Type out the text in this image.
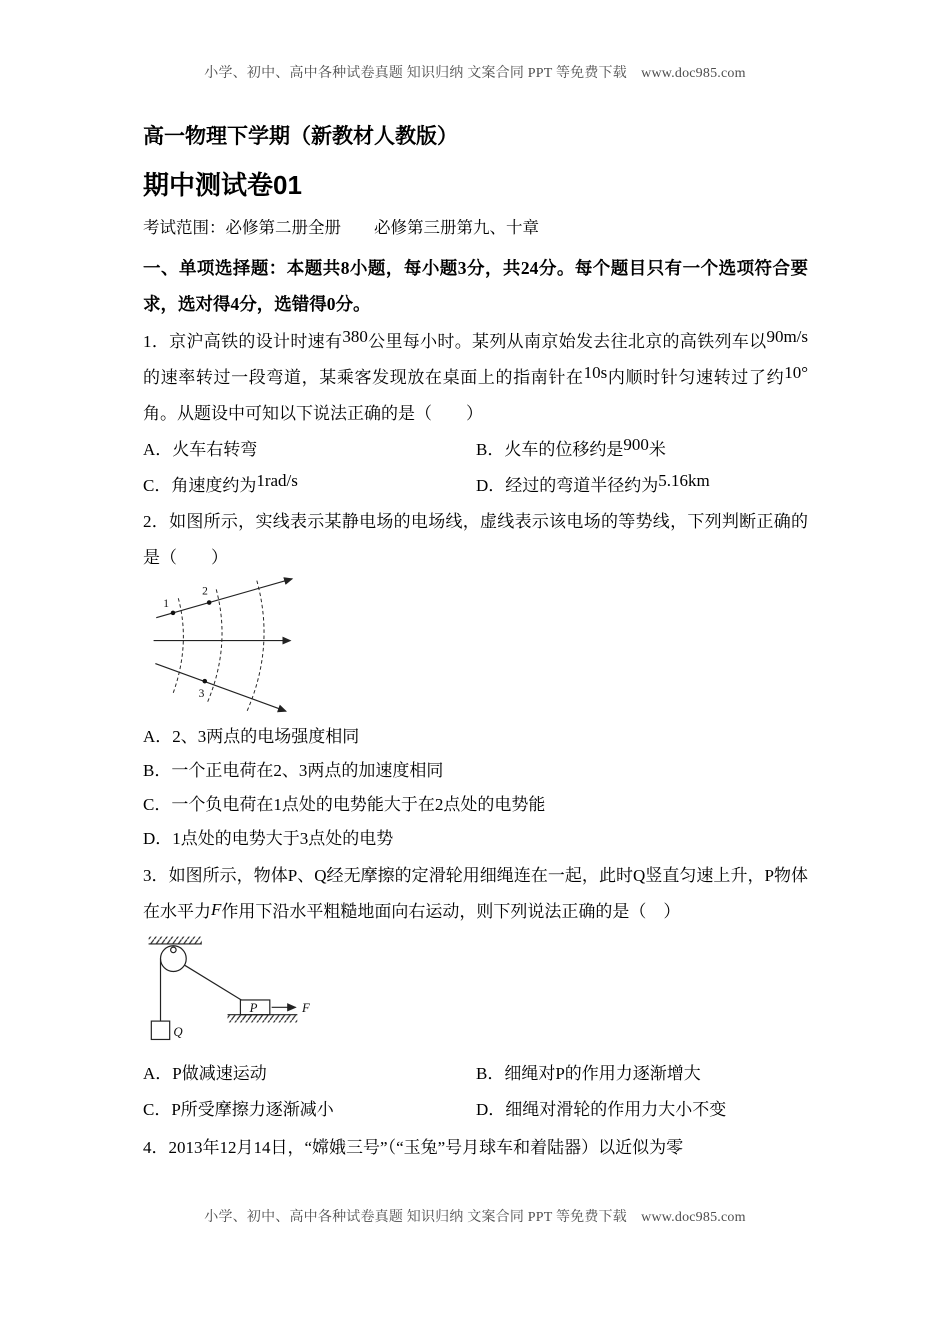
小学、初中、高中各种试卷真题 知识归纳 文案合同 PPT 等免费下载　www.doc985.com
高一物理下学期（新教材人教版）
期中测试卷01
考试范围：必修第二册全册　　必修第三册第九、十章
一、单项选择题：本题共8小题，每小题3分，共24分。每个题目只有一个选项符合要求，选对得4分，选错得0分。

1．京沪高铁的设计时速有380公里每小时。某列从南京始发去往北京的高铁列车以90m/s的速率转过一段弯道，某乘客发现放在桌面上的指南针在10s内顺时针匀速转过了约10°角。从题设中可知以下说法正确的是（　　）

A．火车右转弯	B．火车的位移约是900米
C．角速度约为1rad/s	D．经过的弯道半径约为5.16km

2．如图所示，实线表示某静电场的电场线，虚线表示该电场的等势线，下列判断正确的是（　　）

1
2
3
A．2、3两点的电场强度相同
B．一个正电荷在2、3两点的加速度相同
C．一个负电荷在1点处的电势能大于在2点处的电势能
D．1点处的电势大于3点处的电势

3．如图所示，物体P、Q经无摩擦的定滑轮用细绳连在一起，此时Q竖直匀速上升，P物体在水平力F作用下沿水平粗糙地面向右运动，则下列说法正确的是（　）

Q
P	F
A．P做减速运动	B．细绳对P的作用力逐渐增大
C．P所受摩擦力逐渐减小	D．细绳对滑轮的作用力大小不变

4．2013年12月14日，“嫦娥三号”（“玉兔”号月球车和着陆器）以近似为零

小学、初中、高中各种试卷真题 知识归纳 文案合同 PPT 等免费下载　www.doc985.com
